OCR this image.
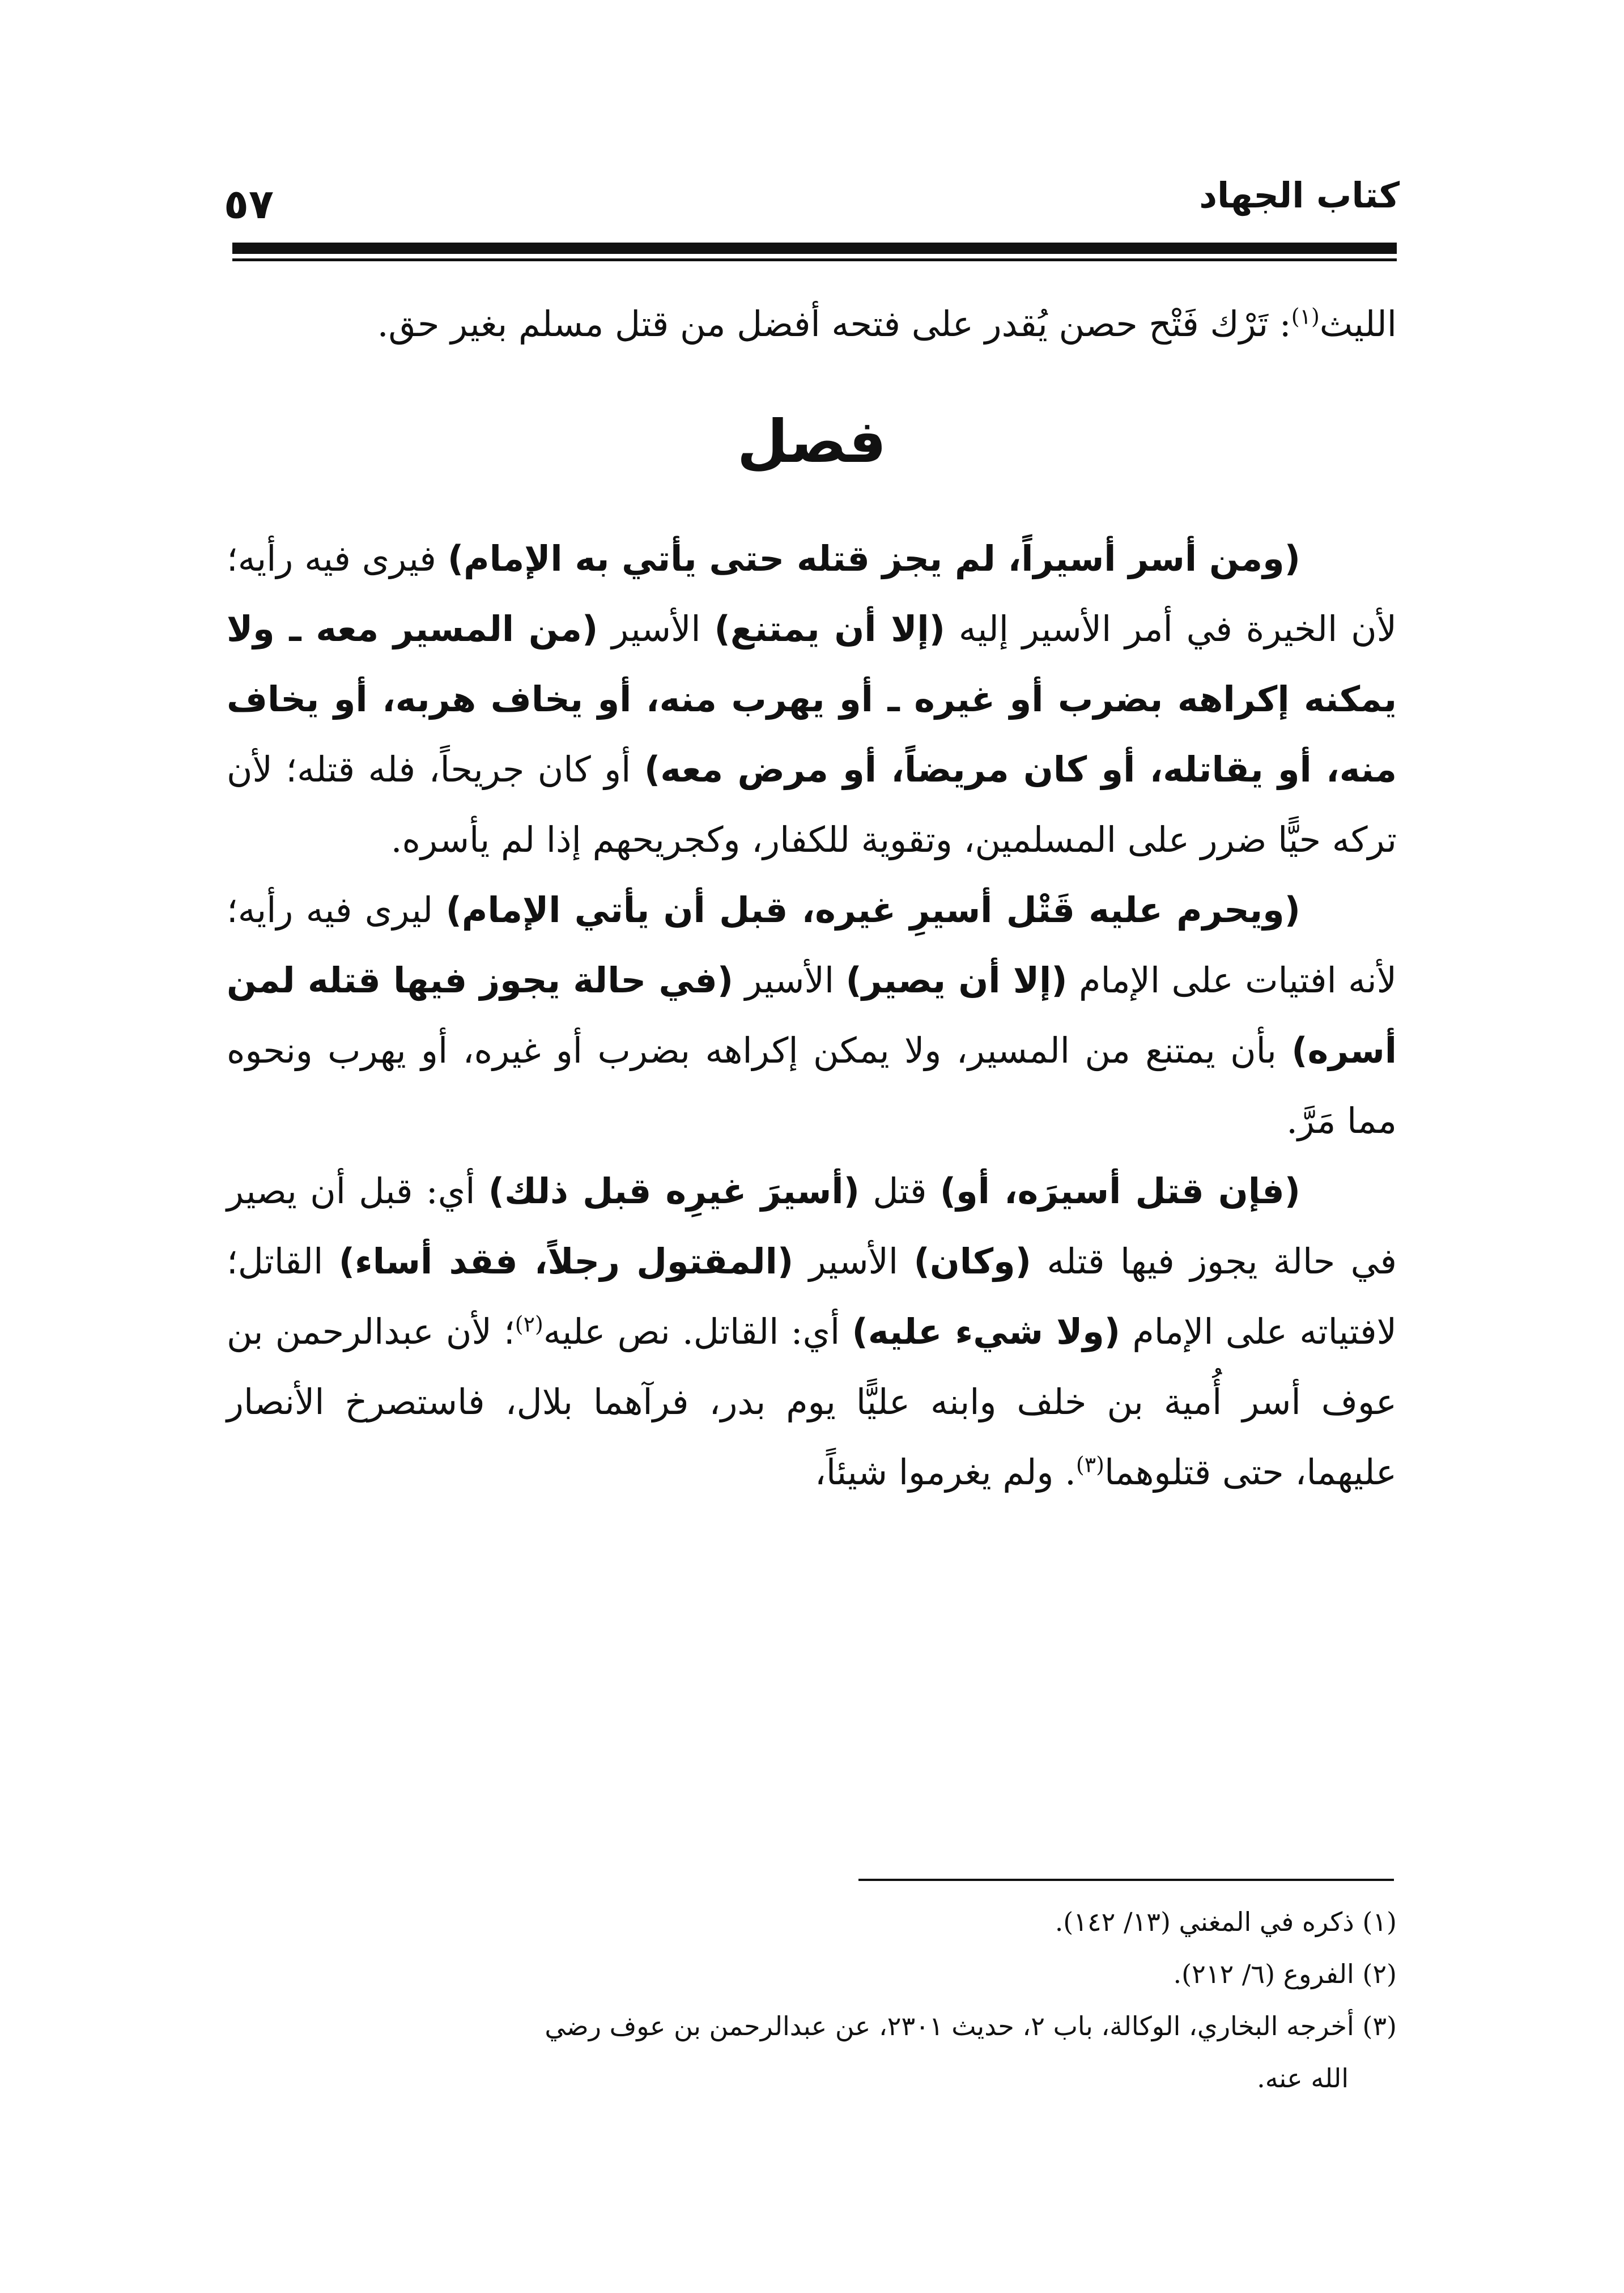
كتاب الجهاد
٥٧

الليث$^{(١)}$: تَرْك فَتْح حصن يُقدر على فتحه أفضل من قتل مسلم بغير حق.

فصل

(ومن أسر أسيراً، لم يجز قتله حتى يأتي به الإمام) فيرى فيه رأيه؛ لأن الخيرة في أمر الأسير إليه (إلا أن يمتنع) الأسير (من المسير معه ـ ولا يمكنه إكراهه بضرب أو غيره ـ أو يهرب منه، أو يخاف هربه، أو يخاف منه، أو يقاتله، أو كان مريضاً، أو مرض معه) أو كان جريحاً، فله قتله؛ لأن تركه حيًّا ضرر على المسلمين، وتقوية للكفار، وكجريحهم إذا لم يأسره.

(ويحرم عليه قَتْل أسيرِ غيره، قبل أن يأتي الإمام) ليرى فيه رأيه؛ لأنه افتيات على الإمام (إلا أن يصير) الأسير (في حالة يجوز فيها قتله لمن أسره) بأن يمتنع من المسير، ولا يمكن إكراهه بضرب أو غيره، أو يهرب ونحوه مما مَرَّ.

(فإن قتل أسيرَه، أو) قتل (أسيرَ غيرِه قبل ذلك) أي: قبل أن يصير في حالة يجوز فيها قتله (وكان) الأسير (المقتول رجلاً، فقد أساء) القاتل؛ لافتياته على الإمام (ولا شيء عليه) أي: القاتل. نص عليه$^{(٢)}$؛ لأن عبدالرحمن بن عوف أسر أُمية بن خلف وابنه عليًّا يوم بدر، فرآهما بلال، فاستصرخ الأنصار عليهما، حتى قتلوهما$^{(٣)}$. ولم يغرموا شيئاً،

(١) ذكره في المغني (١٣/ ١٤٢).

(٢) الفروع (٦/ ٢١٢).

(٣) أخرجه البخاري، الوكالة، باب ٢، حديث ٢٣٠١، عن عبدالرحمن بن عوف رضي

الله عنه.
